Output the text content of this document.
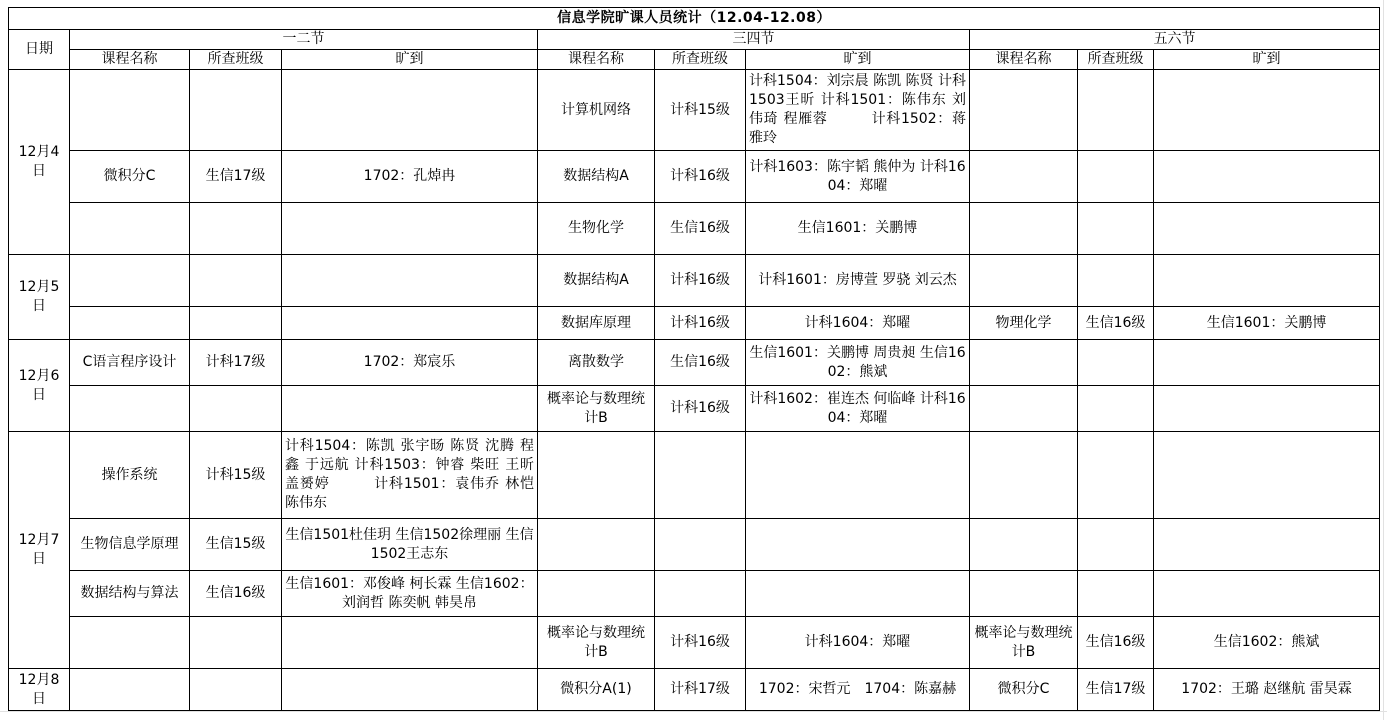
信息学院旷课人员统计（12.04-12.08）									
日期	一二节			三四节			五六节		
	课程名称	所查班级	旷到	课程名称	所查班级	旷到	课程名称	所查班级	旷到
12月4日				计算机网络	计科15级	计科1504：刘宗晨 陈凯 陈贤 计科1503王昕 计科1501：陈伟东 刘伟琦 程雁蓉　　　计科1502：蒋雅玲			
	微积分C	生信17级	1702：孔焯冉	数据结构A	计科16级	计科1603：陈宇韬 熊仲为 计科1604：郑曜			
				生物化学	生信16级	生信1601：关鹏博			
12月5日				数据结构A	计科16级	计科1601：房博萱 罗骁 刘云杰			
				数据库原理	计科16级	计科1604：郑曜	物理化学	生信16级	生信1601：关鹏博
12月6日	C语言程序设计	计科17级	1702：郑宸乐	离散数学	生信16级	生信1601：关鹏博 周贵昶 生信1602：熊斌			
				概率论与数理统计B	计科16级	计科1602：崔连杰 何临峰 计科1604：郑曜			
12月7日	操作系统	计科15级	计科1504：陈凯 张宇旸 陈贤 沈腾 程鑫 于远航 计科1503：钟睿 柴旺 王昕 盖赟婷　　　计科1501：袁伟乔 林恺 陈伟东						
	生物信息学原理	生信15级	生信1501杜佳玥 生信1502徐理丽 生信1502王志东						
	数据结构与算法	生信16级	生信1601：邓俊峰 柯长霖 生信1602：刘润哲 陈奕帆 韩昊帛						
				概率论与数理统计B	计科16级	计科1604：郑曜	概率论与数理统计B	生信16级	生信1602：熊斌
12月8日				微积分A(1)	计科17级	1702：宋哲元　1704：陈嘉赫	微积分C	生信17级	1702：王璐 赵继航 雷昊霖
